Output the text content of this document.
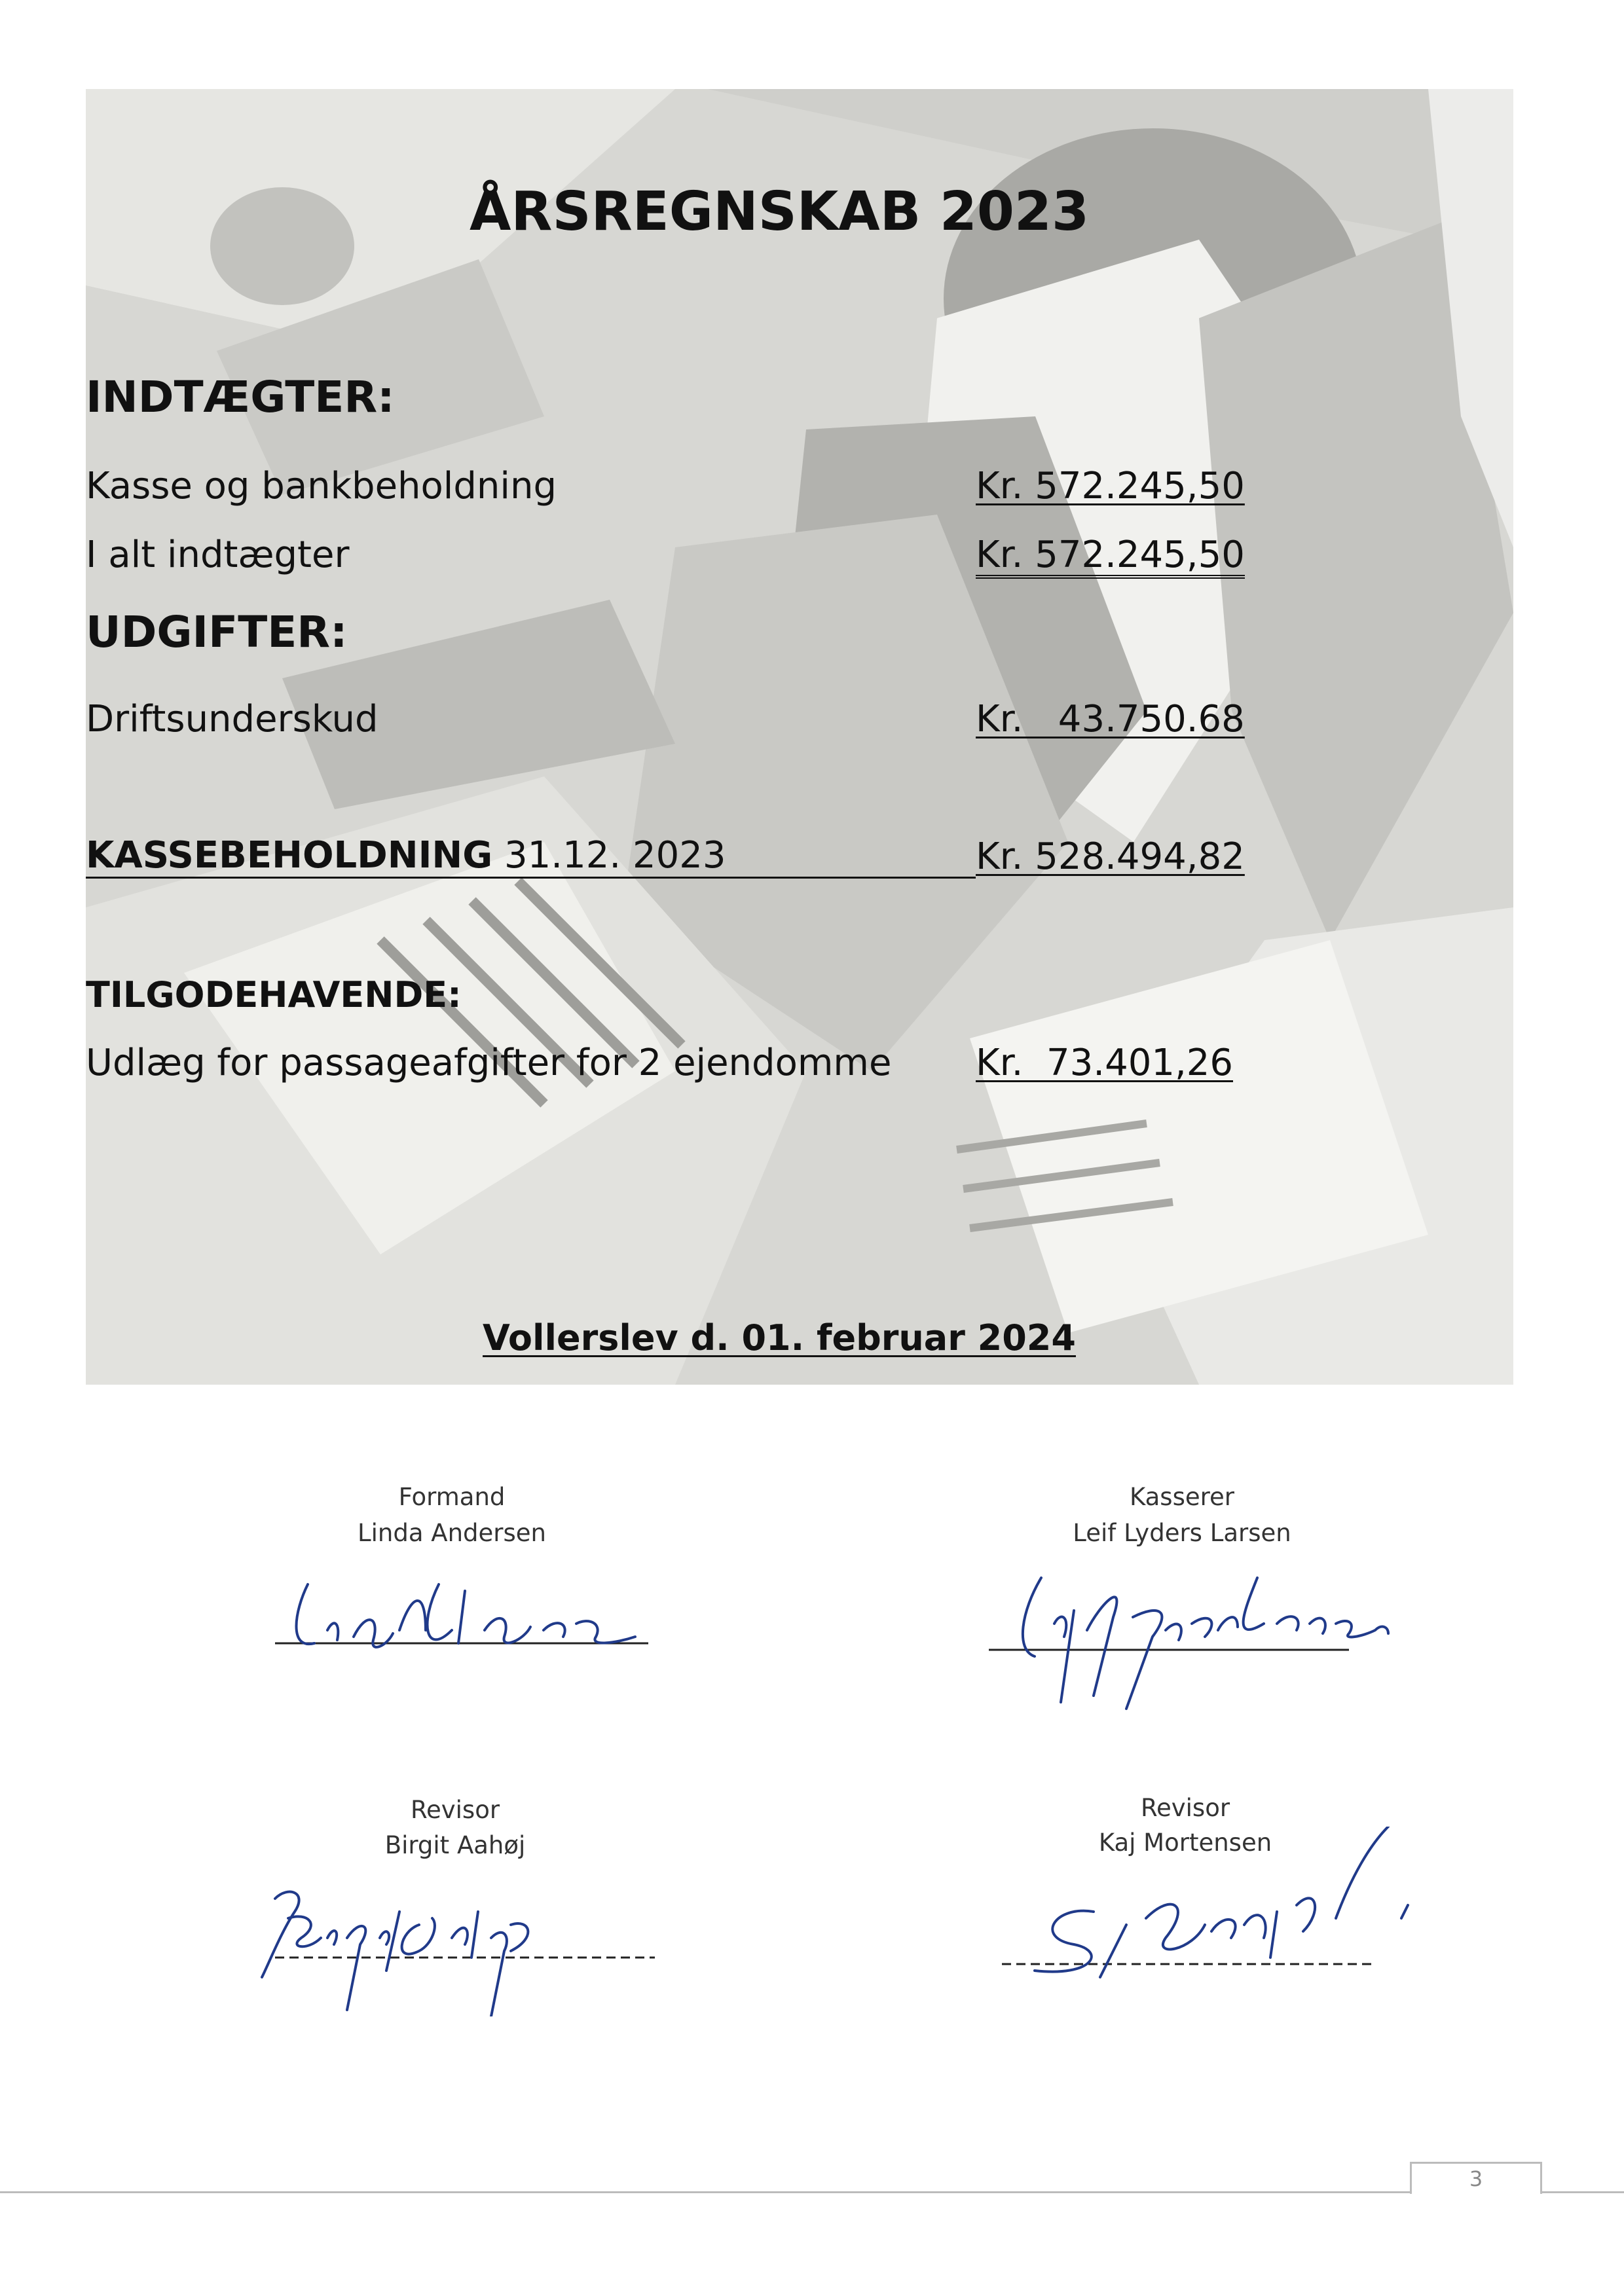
ÅRSREGNSKAB 2023
INDTÆGTER:
Kasse og bankbeholdning	Kr. 572.245,50
I alt indtægter	Kr. 572.245,50
UDGIFTER:
Driftsunderskud	Kr.   43.750.68
KASSEBEHOLDNING 31.12. 2023	Kr. 528.494,82
TILGODEHAVENDE:
Udlæg for passageafgifter for 2 ejendomme Kr.  73.401,26
Vollerslev d. 01. februar 2024
Formand
Linda Andersen
Kasserer
Leif Lyders Larsen
Revisor
Birgit Aahøj
Revisor
Kaj Mortensen
3
